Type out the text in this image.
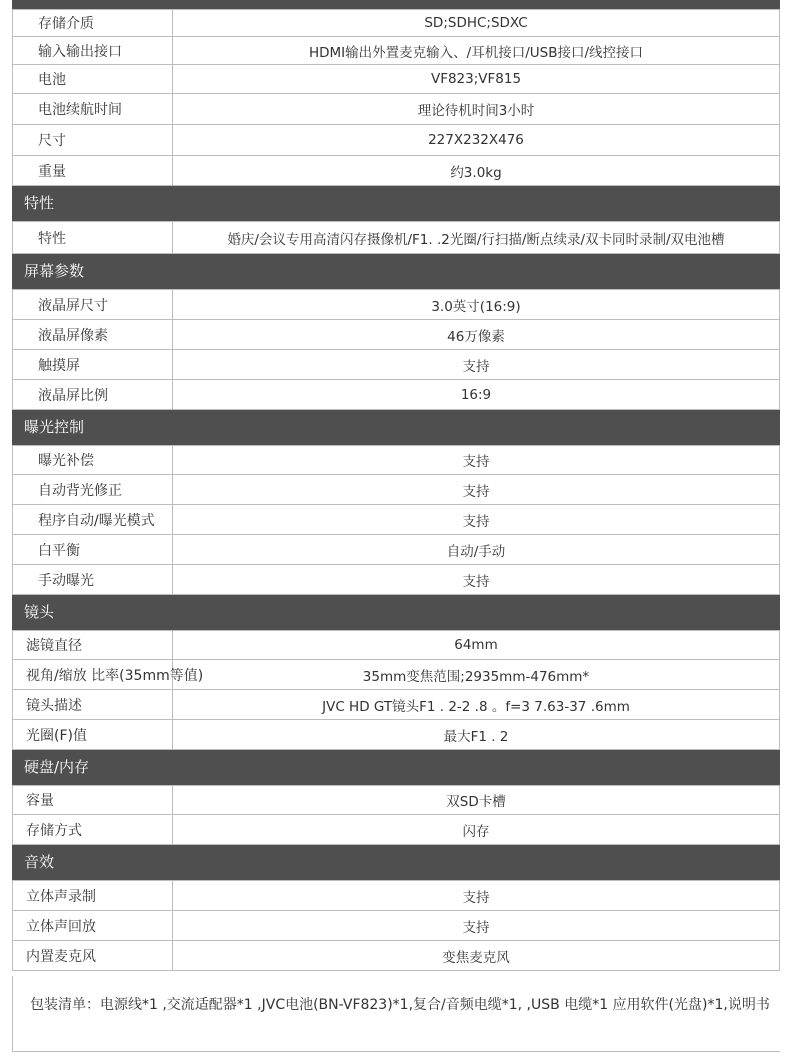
存储介质	SD;SDHC;SDXC
输入输出接口	HDMI输出外置麦克输入、/耳机接口/USB接口/线控接口
电池	VF823;VF815
电池续航时间	理论待机时间3小时
尺寸	227X232X476
重量	约3.0kg
特性
特性	婚庆/会议专用高清闪存摄像机/F1. .2光圈/行扫描/断点续录/双卡同时录制/双电池槽
屏幕参数
液晶屏尺寸	3.0英寸(16:9)
液晶屏像素	46万像素
触摸屏	支持
液晶屏比例	16:9
曝光控制
曝光补偿	支持
自动背光修正	支持
程序自动/曝光模式	支持
白平衡	自动/手动
手动曝光	支持
镜头
滤镜直径	64mm
视角/缩放 比率(35mm等值)	35mm变焦范围;2935mm-476mm*
镜头描述	JVC HD GT镜头F1 . 2-2 .8 。f=3 7.63-37 .6mm
光圈(F)值	最大F1 . 2
硬盘/内存
容量	双SD卡槽
存储方式	闪存
音效
立体声录制	支持
立体声回放	支持
内置麦克风	变焦麦克风
包装清单：电源线*1 ,交流适配器*1 ,JVC电池(BN-VF823)*1,复合/音频电缆*1, ,USB 电缆*1 应用软件(光盘)*1,说明书
